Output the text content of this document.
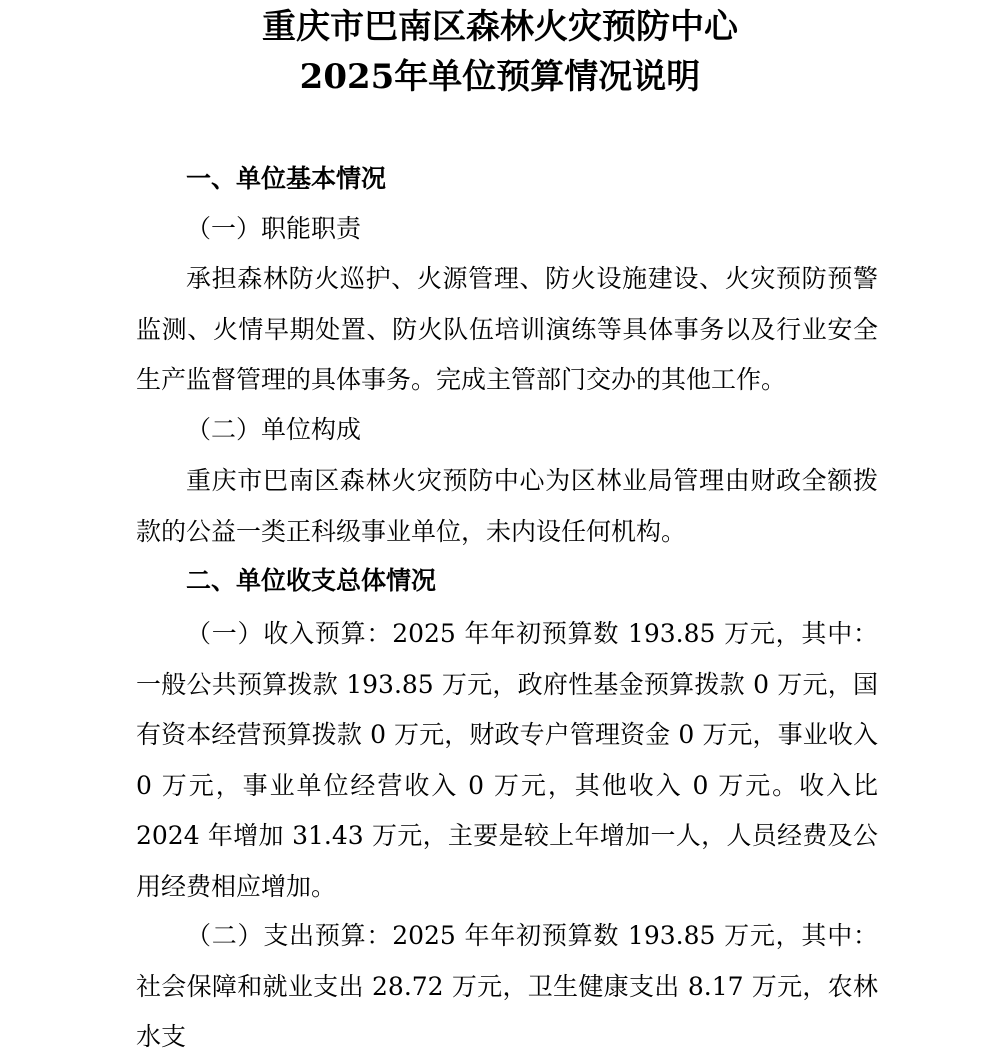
重庆市巴南区森林火灾预防中心
2025年单位预算情况说明
一、单位基本情况
（一）职能职责
承担森林防火巡护、火源管理、防火设施建设、火灾预防预警监测、火情早期处置、防火队伍培训演练等具体事务以及行业安全生产监督管理的具体事务。完成主管部门交办的其他工作。
（二）单位构成
重庆市巴南区森林火灾预防中心为区林业局管理由财政全额拨款的公益一类正科级事业单位，未内设任何机构。
二、单位收支总体情况
（一）收入预算：2025 年年初预算数 193.85 万元，其中：一般公共预算拨款 193.85 万元，政府性基金预算拨款 0 万元，国有资本经营预算拨款 0 万元，财政专户管理资金 0 万元，事业收入 0 万元，事业单位经营收入 0 万元，其他收入 0 万元。收入比 2024 年增加 31.43 万元，主要是较上年增加一人，人员经费及公用经费相应增加。
（二）支出预算：2025 年年初预算数 193.85 万元，其中：社会保障和就业支出 28.72 万元，卫生健康支出 8.17 万元，农林水支
